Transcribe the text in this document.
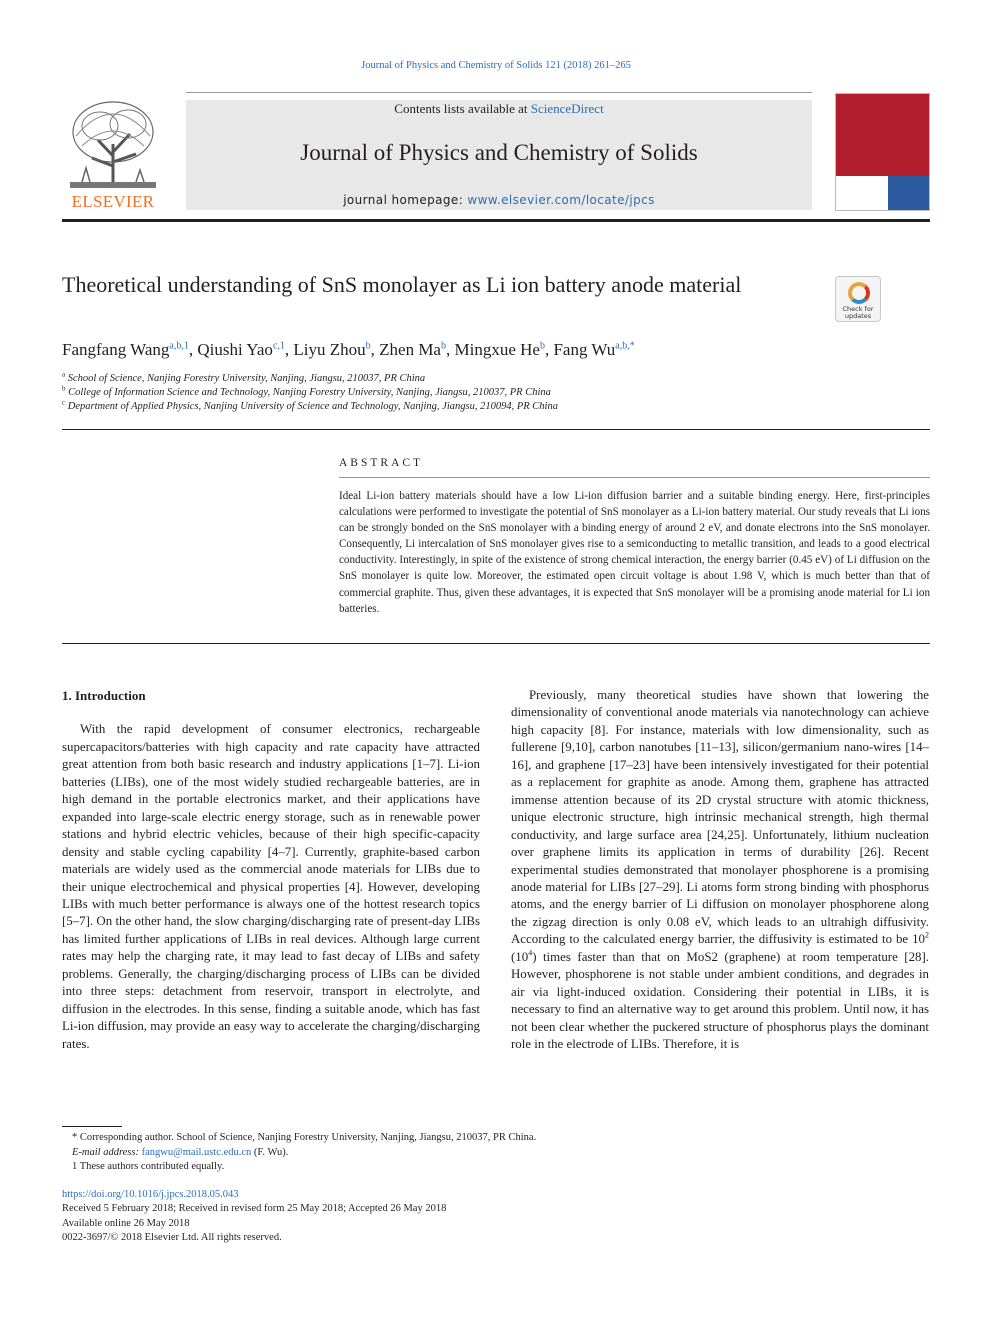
Journal of Physics and Chemistry of Solids 121 (2018) 261–265
ELSEVIER
Contents lists available at ScienceDirect
Journal of Physics and Chemistry of Solids
journal homepage: www.elsevier.com/locate/jpcs
Theoretical understanding of SnS monolayer as Li ion battery anode material
Check for updates
Fangfang Wang$^{a,b,1}$, Qiushi Yao$^{c,1}$, Liyu Zhou$^b$, Zhen Ma$^b$, Mingxue He$^b$, Fang $Wu^{a,b,*}$
$^a$ School of Science, Nanjing Forestry University, Nanjing, Jiangsu, 210037, PR China
$^b$ College of Information Science and Technology, Nanjing Forestry University, Nanjing, Jiangsu, 210037, PR China
$^c$ Department of Applied Physics, Nanjing University of Science and Technology, Nanjing, Jiangsu, 210094, PR China
ABSTRACT
Ideal Li-ion battery materials should have a low Li-ion diffusion barrier and a suitable binding energy. Here, first-principles calculations were performed to investigate the potential of SnS monolayer as a Li-ion battery material. Our study reveals that Li ions can be strongly bonded on the SnS monolayer with a binding energy of around 2 eV, and donate electrons into the SnS monolayer. Consequently, Li intercalation of SnS monolayer gives rise to a semiconducting to metallic transition, and leads to a good electrical conductivity. Interestingly, in spite of the existence of strong chemical interaction, the energy barrier (0.45 eV) of Li diffusion on the SnS monolayer is quite low. Moreover, the estimated open circuit voltage is about 1.98 V, which is much better than that of commercial graphite. Thus, given these advantages, it is expected that SnS monolayer will be a promising anode material for Li ion batteries.
1. Introduction
With the rapid development of consumer electronics, rechargeable supercapacitors/batteries with high capacity and rate capacity have attracted great attention from both basic research and industry applications [1–7]. Li-ion batteries (LIBs), one of the most widely studied rechargeable batteries, are in high demand in the portable electronics market, and their applications have expanded into large-scale electric energy storage, such as in renewable power stations and hybrid electric vehicles, because of their high specific-capacity density and stable cycling capability [4–7]. Currently, graphite-based carbon materials are widely used as the commercial anode materials for LIBs due to their unique electrochemical and physical properties [4]. However, developing LIBs with much better performance is always one of the hottest research topics [5–7]. On the other hand, the slow charging/discharging rate of present-day LIBs has limited further applications of LIBs in real devices. Although large current rates may help the charging rate, it may lead to fast decay of LIBs and safety problems. Generally, the charging/discharging process of LIBs can be divided into three steps: detachment from reservoir, transport in electrolyte, and diffusion in the electrodes. In this sense, finding a suitable anode, which has fast Li-ion diffusion, may provide an easy way to accelerate the charging/discharging rates.
Previously, many theoretical studies have shown that lowering the dimensionality of conventional anode materials via nanotechnology can achieve high capacity [8]. For instance, materials with low dimensionality, such as fullerene [9,10], carbon nanotubes [11–13], silicon/germanium nano-wires [14–16], and graphene [17–23] have been intensively investigated for their potential as a replacement for graphite as anode. Among them, graphene has attracted immense attention because of its 2D crystal structure with atomic thickness, unique electronic structure, high intrinsic mechanical strength, high thermal conductivity, and large surface area [24,25]. Unfortunately, lithium nucleation over graphene limits its application in terms of durability [26]. Recent experimental studies demonstrated that monolayer phosphorene is a promising anode material for LIBs [27–29]. Li atoms form strong binding with phosphorus atoms, and the energy barrier of Li diffusion on monolayer phosphorene along the zigzag direction is only 0.08 eV, which leads to an ultrahigh diffusivity. According to the calculated energy barrier, the diffusivity is estimated to be $10^2$ $(10^4)$ times faster than that on MoS2 (graphene) at room temperature [28]. However, phosphorene is not stable under ambient conditions, and degrades in air via light-induced oxidation. Considering their potential in LIBs, it is necessary to find an alternative way to get around this problem. Until now, it has not been clear whether the puckered structure of phosphorus plays the dominant role in the electrode of LIBs. Therefore, it is
* Corresponding author. School of Science, Nanjing Forestry University, Nanjing, Jiangsu, 210037, PR China.
E-mail address: fangwu@mail.ustc.edu.cn (F. Wu).
1 These authors contributed equally.
https://doi.org/10.1016/j.jpcs.2018.05.043
Received 5 February 2018; Received in revised form 25 May 2018; Accepted 26 May 2018
Available online 26 May 2018
0022-3697/© 2018 Elsevier Ltd. All rights reserved.
